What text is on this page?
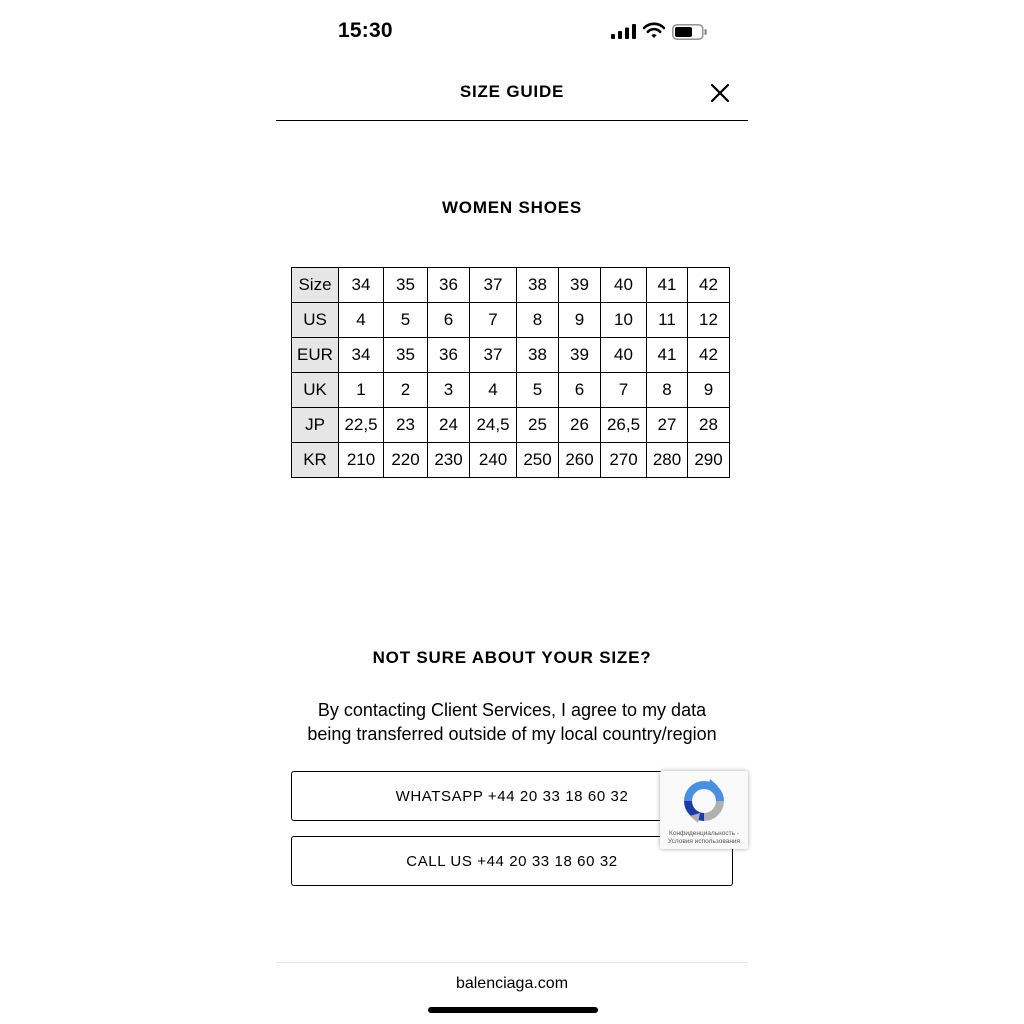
15:30
SIZE GUIDE
WOMEN SHOES
Size	34	35	36	37	38	39	40	41	42
US	4	5	6	7	8	9	10	11	12
EUR	34	35	36	37	38	39	40	41	42
UK	1	2	3	4	5	6	7	8	9
JP	22,5	23	24	24,5	25	26	26,5	27	28
KR	210	220	230	240	250	260	270	280	290
NOT SURE ABOUT YOUR SIZE?
By contacting Client Services, I agree to my data
being transferred outside of my local country/region
WHATSAPP +44 20 33 18 60 32
CALL US +44 20 33 18 60 32
Конфиденциальность -
Условия использования
balenciaga.com
